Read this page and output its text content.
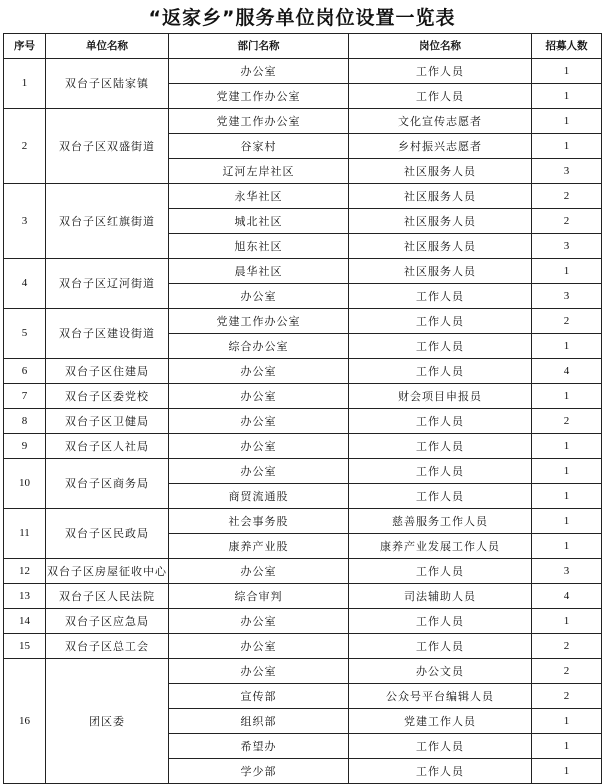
“返家乡”服务单位岗位设置一览表
序号	单位名称	部门名称	岗位名称	招募人数
1	双台子区陆家镇	办公室	工作人员	1
		党建工作办公室	工作人员	1
2	双台子区双盛街道	党建工作办公室	文化宣传志愿者	1
		谷家村	乡村振兴志愿者	1
		辽河左岸社区	社区服务人员	3
3	双台子区红旗街道	永华社区	社区服务人员	2
		城北社区	社区服务人员	2
		旭东社区	社区服务人员	3
4	双台子区辽河街道	晨华社区	社区服务人员	1
		办公室	工作人员	3
5	双台子区建设街道	党建工作办公室	工作人员	2
		综合办公室	工作人员	1
6	双台子区住建局	办公室	工作人员	4
7	双台子区委党校	办公室	财会项目申报员	1
8	双台子区卫健局	办公室	工作人员	2
9	双台子区人社局	办公室	工作人员	1
10	双台子区商务局	办公室	工作人员	1
		商贸流通股	工作人员	1
11	双台子区民政局	社会事务股	慈善服务工作人员	1
		康养产业股	康养产业发展工作人员	1
12	双台子区房屋征收中心	办公室	工作人员	3
13	双台子区人民法院	综合审判	司法辅助人员	4
14	双台子区应急局	办公室	工作人员	1
15	双台子区总工会	办公室	工作人员	2
16	团区委	办公室	办公文员	2
		宣传部	公众号平台编辑人员	2
		组织部	党建工作人员	1
		希望办	工作人员	1
		学少部	工作人员	1
